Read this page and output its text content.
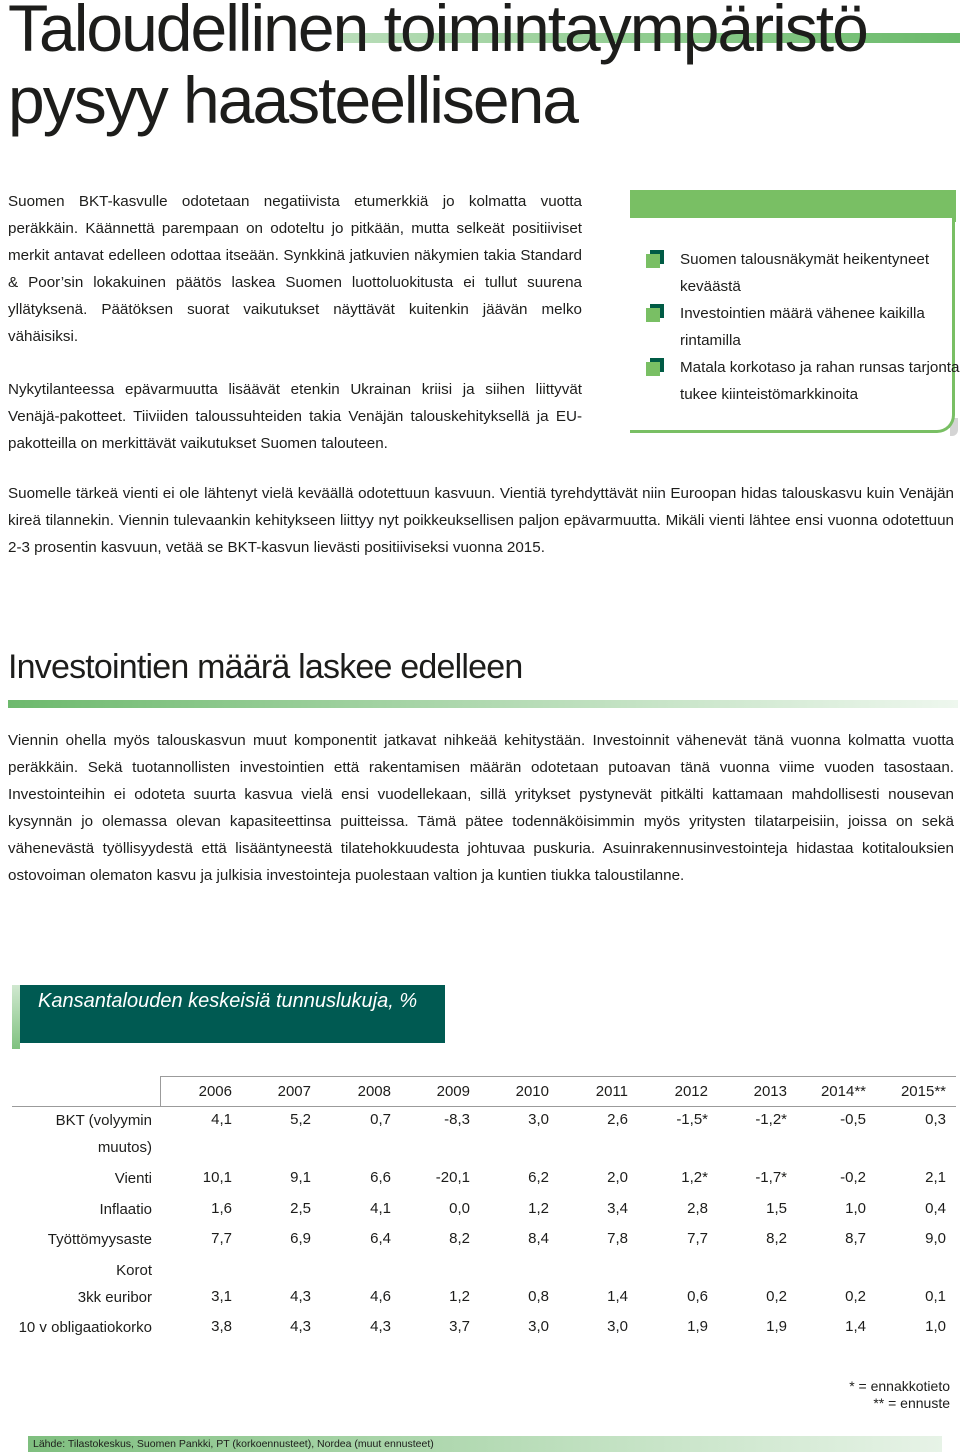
Taloudellinen toimintaympäristö
pysyy haasteellisena

Suomen BKT-kasvulle odotetaan negatiivista etumerkkiä jo kolmatta vuotta peräkkäin. Käännettä parempaan on odoteltu jo pitkään, mutta selkeät positiiviset merkit antavat edelleen odottaa itseään. Synkkinä jatkuvien näkymien takia Standard & Poor’sin lokakuinen päätös laskea Suomen luottoluokitusta ei tullut suurena yllätyksenä. Päätöksen suorat vaikutukset näyttävät kuitenkin jäävän melko vähäisiksi.

Nykytilanteessa epävarmuutta lisäävät etenkin Ukrainan kriisi ja siihen liittyvät Venäjä-pakotteet. Tiiviiden taloussuhteiden takia Venäjän talouskehityksellä ja EU-pakotteilla on merkittävät vaikutukset Suomen talouteen.

Suomen talousnäkymät heikentyneet keväästä
Investointien määrä vähenee kaikilla rintamilla
Matala korkotaso ja rahan runsas tarjonta tukee kiinteistömarkkinoita

Suomelle tärkeä vienti ei ole lähtenyt vielä keväällä odotettuun kasvuun. Vientiä tyrehdyttävät niin Euroopan hidas talouskasvu kuin Venäjän kireä tilannekin. Viennin tulevaankin kehitykseen liittyy nyt poikkeuksellisen paljon epävarmuutta. Mikäli vienti lähtee ensi vuonna odotettuun 2-3 prosentin kasvuun, vetää se BKT-kasvun lievästi positiiviseksi vuonna 2015.

Investointien määrä laskee edelleen

Viennin ohella myös talouskasvun muut komponentit jatkavat nihkeää kehitystään. Investoinnit vähenevät tänä vuonna kolmatta vuotta peräkkäin. Sekä tuotannollisten investointien että rakentamisen määrän odotetaan putoavan tänä vuonna viime vuoden tasostaan. Investointeihin ei odoteta suurta kasvua vielä ensi vuodellekaan, sillä yritykset pystynevät pitkälti kattamaan mahdollisesti nousevan kysynnän jo olemassa olevan kapasiteettinsa puitteissa. Tämä pätee todennäköisimmin myös yritysten tilatarpeisiin, joissa on sekä vähenevästä työllisyydestä että lisääntyneestä tilatehokkuudesta johtuvaa puskuria. Asuinrakennusinvestointeja hidastaa kotitalouksien ostovoiman olematon kasvu ja julkisia investointeja puolestaan valtion ja kuntien tiukka taloustilanne.

Kansantalouden keskeisiä tunnuslukuja, %
2006	2007	2008	2009	2010	2011	2012	2013	2014**	2015**
BKT (volyymin
muutos)
4,1	5,2	0,7	-8,3	3,0	2,6	-1,5*	-1,2*	-0,5	0,3
Vienti	10,1	9,1	6,6	-20,1	6,2	2,0	1,2*	-1,7*	-0,2	2,1
Inflaatio	1,6	2,5	4,1	0,0	1,2	3,4	2,8	1,5	1,0	0,4
Työttömyysaste	7,7	6,9	6,4	8,2	8,4	7,8	7,7	8,2	8,7	9,0
Korot
3kk euribor	3,1	4,3	4,6	1,2	0,8	1,4	0,6	0,2	0,2	0,1
10 v obligaatiokorko	3,8	4,3	4,3	3,7	3,0	3,0	1,9	1,9	1,4	1,0
* = ennakkotieto
** = ennuste
Lähde: Tilastokeskus, Suomen Pankki, PT (korkoennusteet), Nordea (muut ennusteet)
